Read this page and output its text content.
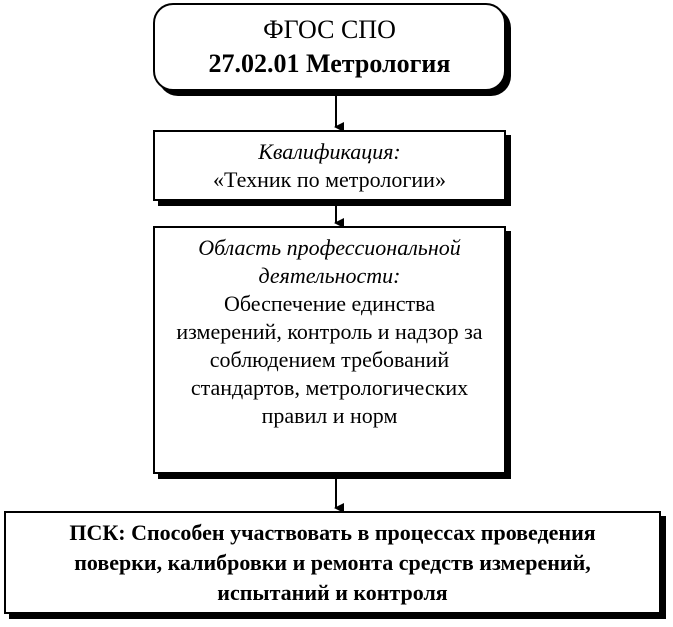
ФГОС СПО
27.02.01 Метрология
Квалификация:
«Техник по метрологии»
Область профессиональной
деятельности:
Обеспечение единства
измерений, контроль и надзор за
соблюдением требований
стандартов, метрологических
правил и норм
ПСК: Способен участвовать в процессах проведения
поверки, калибровки и ремонта средств измерений,
испытаний и контроля
